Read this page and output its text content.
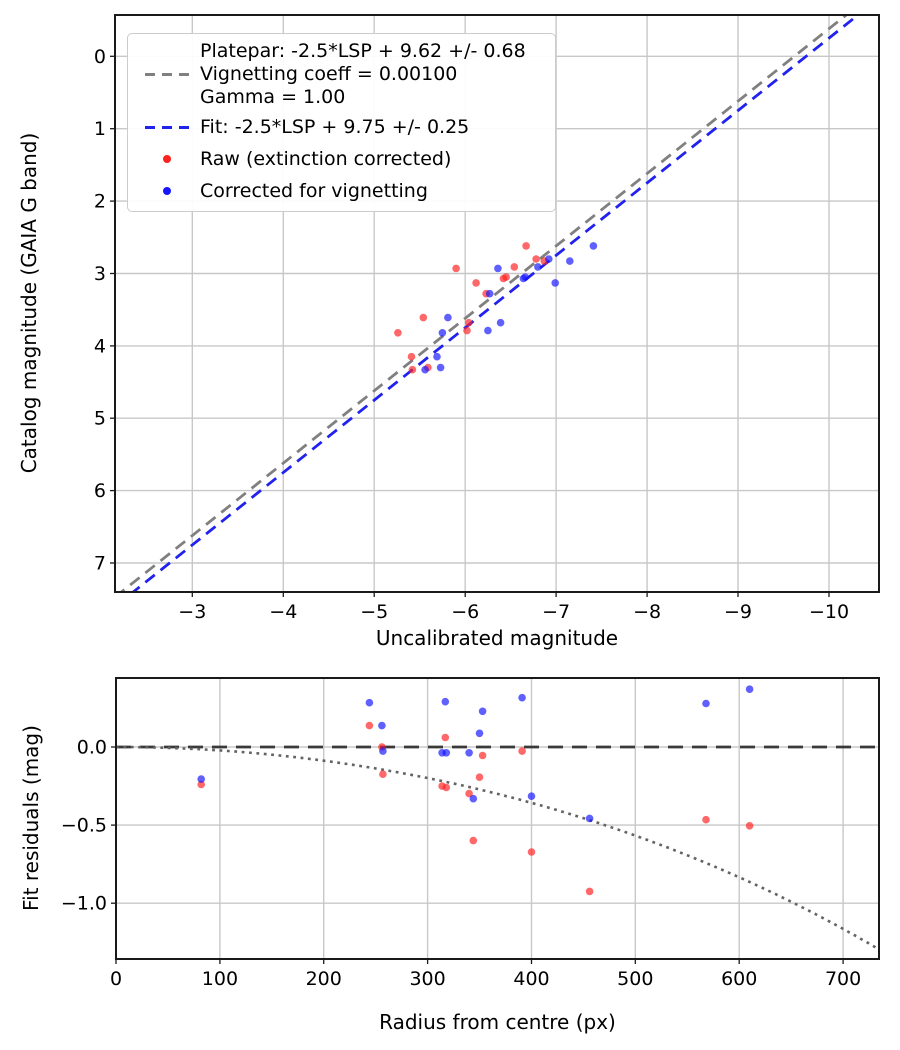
−3	−4	−5	−6	−7	−8	−9	−10
0
1
2
3
4
5
6
7
0	100	200	300	400	500	600	700
0.0
−0.5
−1.0
Uncalibrated magnitude
Catalog magnitude (GAIA G band)
Radius from centre (px)
Fit residuals (mag)
Platepar: -2.5*LSP + 9.62 +/- 0.68
Vignetting coeff = 0.00100
Gamma = 1.00
Fit: -2.5*LSP + 9.75 +/- 0.25
Raw (extinction corrected)
Corrected for vignetting
